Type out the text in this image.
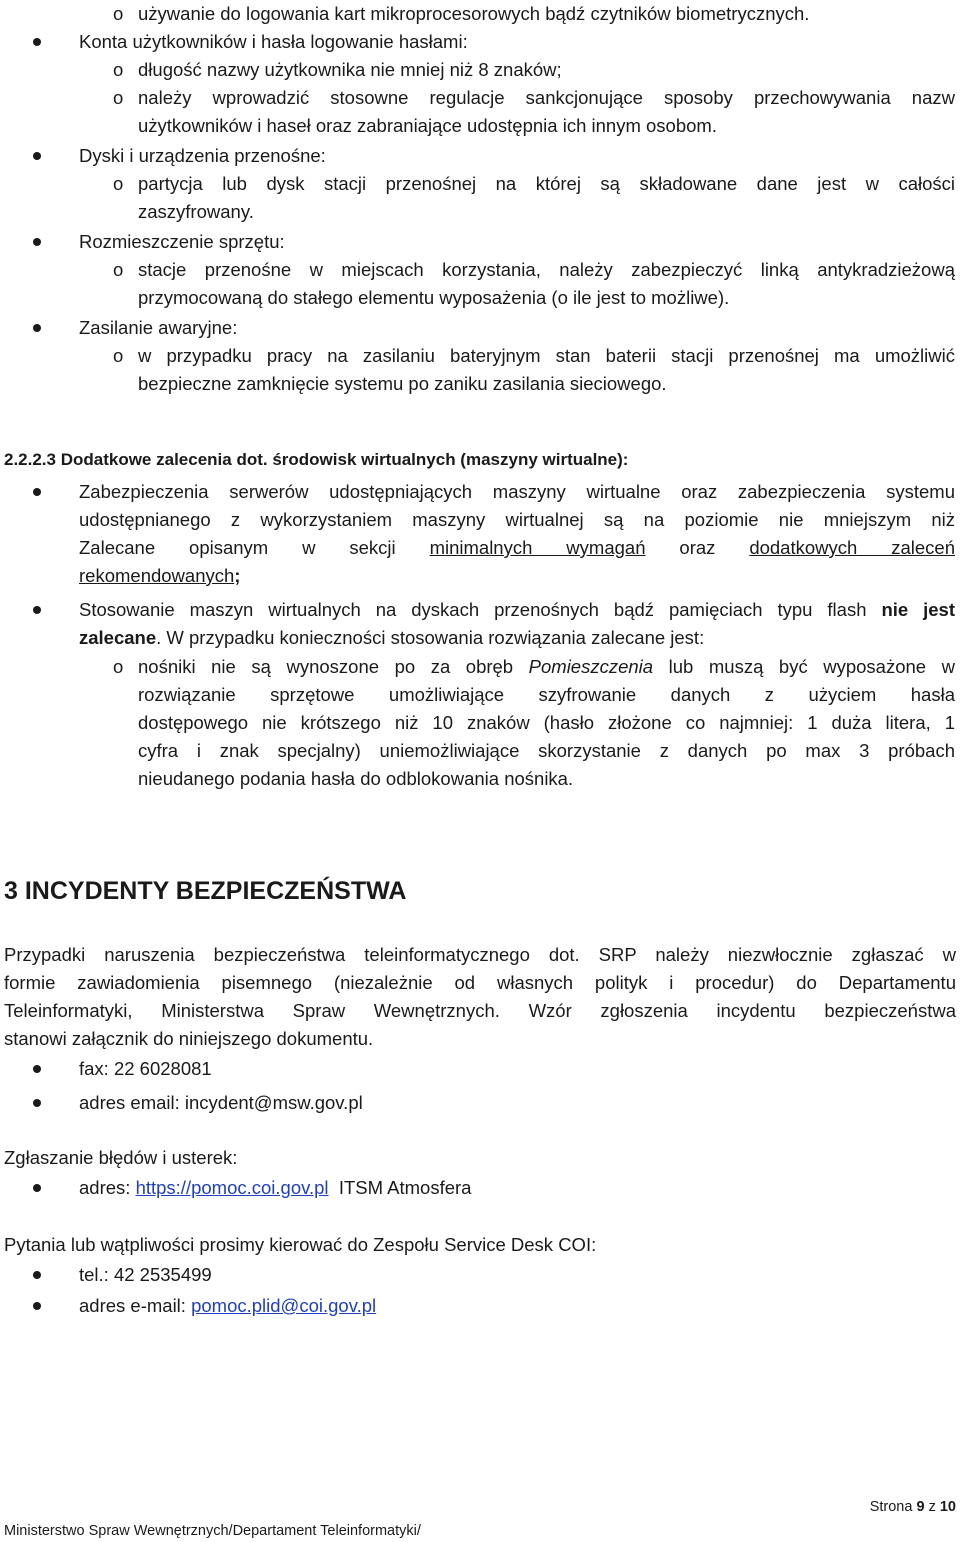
o używanie do logowania kart mikroprocesorowych bądź czytników biometrycznych.
Konta użytkowników i hasła logowanie hasłami:
o długość nazwy użytkownika nie mniej niż 8 znaków;
o należy wprowadzić stosowne regulacje sankcjonujące sposoby przechowywania nazw
użytkowników i haseł oraz zabraniające udostępnia ich innym osobom.
Dyski i urządzenia przenośne:
o partycja lub dysk stacji przenośnej na której są składowane dane jest w całości
zaszyfrowany.
Rozmieszczenie sprzętu:
o stacje przenośne w miejscach korzystania, należy zabezpieczyć linką antykradzieżową
przymocowaną do stałego elementu wyposażenia (o ile jest to możliwe).
Zasilanie awaryjne:
o w przypadku pracy na zasilaniu bateryjnym stan baterii stacji przenośnej ma umożliwić
bezpieczne zamknięcie systemu po zaniku zasilania sieciowego.
2.2.2.3 Dodatkowe zalecenia dot. środowisk wirtualnych (maszyny wirtualne):
Zabezpieczenia serwerów udostępniających maszyny wirtualne oraz zabezpieczenia systemu
udostępnianego z wykorzystaniem maszyny wirtualnej są na poziomie nie mniejszym niż
Zalecane opisanym w sekcji minimalnych wymagań oraz dodatkowych zaleceń
rekomendowanych;
Stosowanie maszyn wirtualnych na dyskach przenośnych bądź pamięciach typu flash nie jest
zalecane. W przypadku konieczności stosowania rozwiązania zalecane jest:
o nośniki nie są wynoszone po za obręb Pomieszczenia lub muszą być wyposażone w
rozwiązanie sprzętowe umożliwiające szyfrowanie danych z użyciem hasła
dostępowego nie krótszego niż 10 znaków (hasło złożone co najmniej: 1 duża litera, 1
cyfra i znak specjalny) uniemożliwiające skorzystanie z danych po max 3 próbach
nieudanego podania hasła do odblokowania nośnika.
3 INCYDENTY BEZPIECZEŃSTWA
Przypadki naruszenia bezpieczeństwa teleinformatycznego dot. SRP należy niezwłocznie zgłaszać w
formie zawiadomienia pisemnego (niezależnie od własnych polityk i procedur) do Departamentu
Teleinformatyki, Ministerstwa Spraw Wewnętrznych. Wzór zgłoszenia incydentu bezpieczeństwa
stanowi załącznik do niniejszego dokumentu.
fax: 22 6028081
adres email: incydent@msw.gov.pl
Zgłaszanie błędów i usterek:
adres: https://pomoc.coi.gov.pl  ITSM Atmosfera
Pytania lub wątpliwości prosimy kierować do Zespołu Service Desk COI:
tel.: 42 2535499
adres e-mail: pomoc.plid@coi.gov.pl
Strona 9 z 10
Ministerstwo Spraw Wewnętrznych/Departament Teleinformatyki/
